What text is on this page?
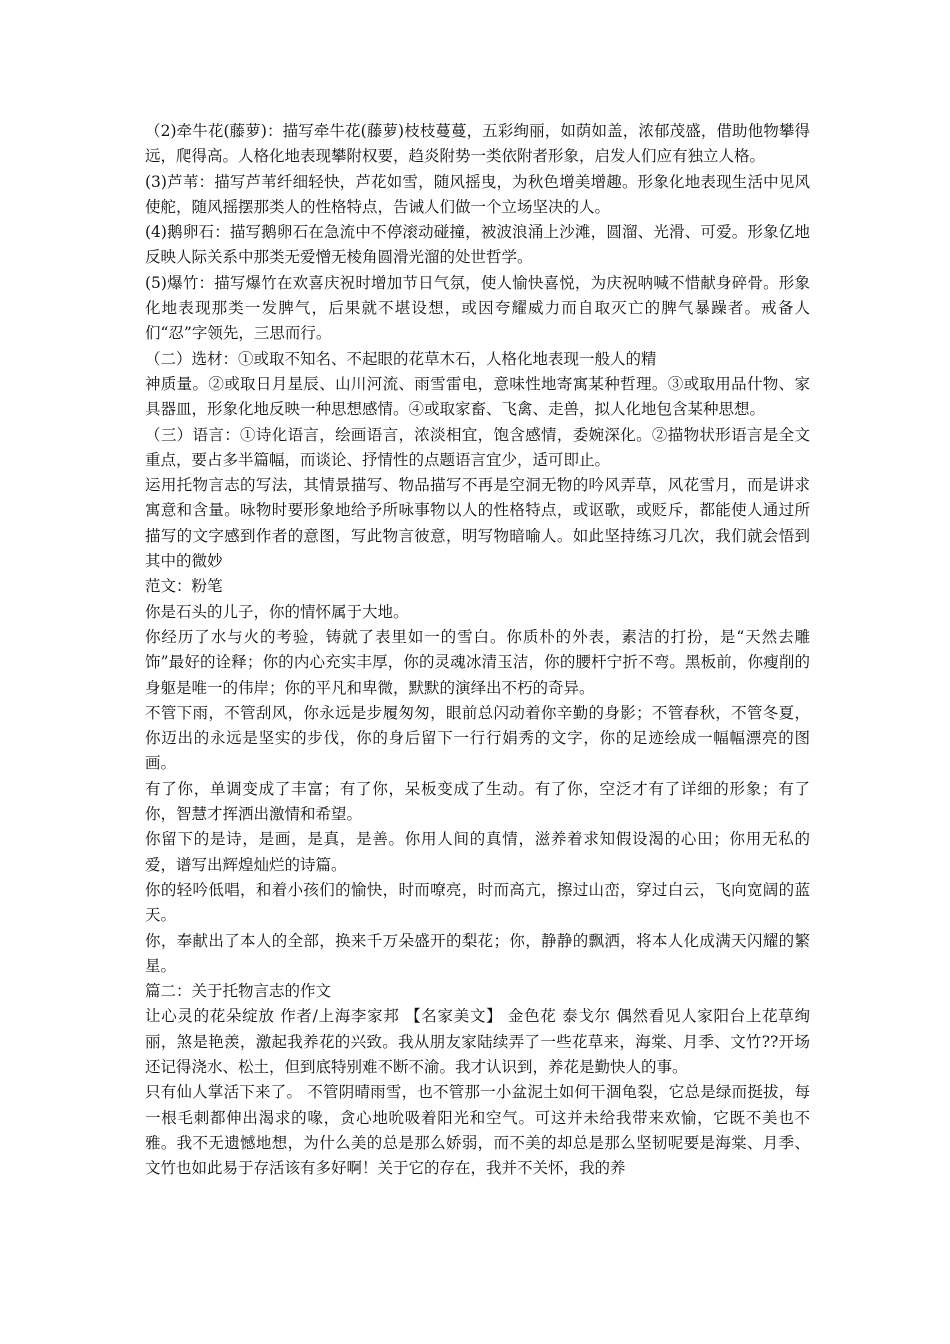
（2)牵牛花(藤萝)：描写牵牛花(藤萝)枝枝蔓蔓，五彩绚丽，如荫如盖，浓郁茂盛，借助他物攀得远，爬得高。人格化地表现攀附权要，趋炎附势一类依附者形象，启发人们应有独立人格。

(3)芦苇：描写芦苇纤细轻快，芦花如雪，随风摇曳，为秋色增美增趣。形象化地表现生活中见风使舵，随风摇摆那类人的性格特点，告诫人们做一个立场坚决的人。

(4)鹅卵石：描写鹅卵石在急流中不停滚动碰撞，被波浪涌上沙滩，圆溜、光滑、可爱。形象亿地反映人际关系中那类无爱憎无棱角圆滑光溜的处世哲学。

(5)爆竹：描写爆竹在欢喜庆祝时增加节日气氛，使人愉快喜悦，为庆祝呐喊不惜献身碎骨。形象化地表现那类一发脾气，后果就不堪设想，或因夸耀威力而自取灭亡的脾气暴躁者。戒备人们“忍”字领先，三思而行。

（二）选材：①或取不知名、不起眼的花草木石，人格化地表现一般人的精

神质量。②或取日月星辰、山川河流、雨雪雷电，意味性地寄寓某种哲理。③或取用品什物、家具器皿，形象化地反映一种思想感情。④或取家畜、飞禽、走兽，拟人化地包含某种思想。

（三）语言：①诗化语言，绘画语言，浓淡相宜，饱含感情，委婉深化。②描物状形语言是全文重点，要占多半篇幅，而谈论、抒情性的点题语言宜少，适可即止。

运用托物言志的写法，其情景描写、物品描写不再是空洞无物的吟风弄草，风花雪月，而是讲求寓意和含量。咏物时要形象地给予所咏事物以人的性格特点，或讴歌，或贬斥，都能使人通过所描写的文字感到作者的意图，写此物言彼意，明写物暗喻人。如此坚持练习几次，我们就会悟到其中的微妙

范文：粉笔

你是石头的儿子，你的情怀属于大地。

你经历了水与火的考验，铸就了表里如一的雪白。你质朴的外表，素洁的打扮，是“天然去雕饰”最好的诠释；你的内心充实丰厚，你的灵魂冰清玉洁，你的腰杆宁折不弯。黑板前，你瘦削的身躯是唯一的伟岸；你的平凡和卑微，默默的演绎出不朽的奇异。

不管下雨，不管刮风，你永远是步履匆匆，眼前总闪动着你辛勤的身影；不管春秋，不管冬夏，你迈出的永远是坚实的步伐，你的身后留下一行行娟秀的文字，你的足迹绘成一幅幅漂亮的图画。

有了你，单调变成了丰富；有了你，呆板变成了生动。有了你，空泛才有了详细的形象；有了你，智慧才挥洒出激情和希望。

你留下的是诗，是画，是真，是善。你用人间的真情，滋养着求知假设渴的心田；你用无私的爱，谱写出辉煌灿烂的诗篇。

你的轻吟低唱，和着小孩们的愉快，时而嘹亮，时而高亢，擦过山峦，穿过白云，飞向宽阔的蓝天。

你，奉献出了本人的全部，换来千万朵盛开的梨花；你，静静的飘洒，将本人化成满天闪耀的繁星。

篇二：关于托物言志的作文

让心灵的花朵绽放 作者/上海李家邦 【名家美文】 金色花 泰戈尔 偶然看见人家阳台上花草绚丽，煞是艳羡，激起我养花的兴致。我从朋友家陆续弄了一些花草来，海棠、月季、文竹??开场还记得浇水、松土，但到底特别难不断不渝。我才认识到，养花是勤快人的事。

只有仙人掌活下来了。 不管阴晴雨雪，也不管那一小盆泥土如何干涸龟裂，它总是绿而挺拔，每一根毛刺都伸出渴求的喙，贪心地吮吸着阳光和空气。可这并未给我带来欢愉，它既不美也不雅。我不无遗憾地想，为什么美的总是那么娇弱，而不美的却总是那么坚韧呢要是海棠、月季、文竹也如此易于存活该有多好啊！关于它的存在，我并不关怀，我的养
